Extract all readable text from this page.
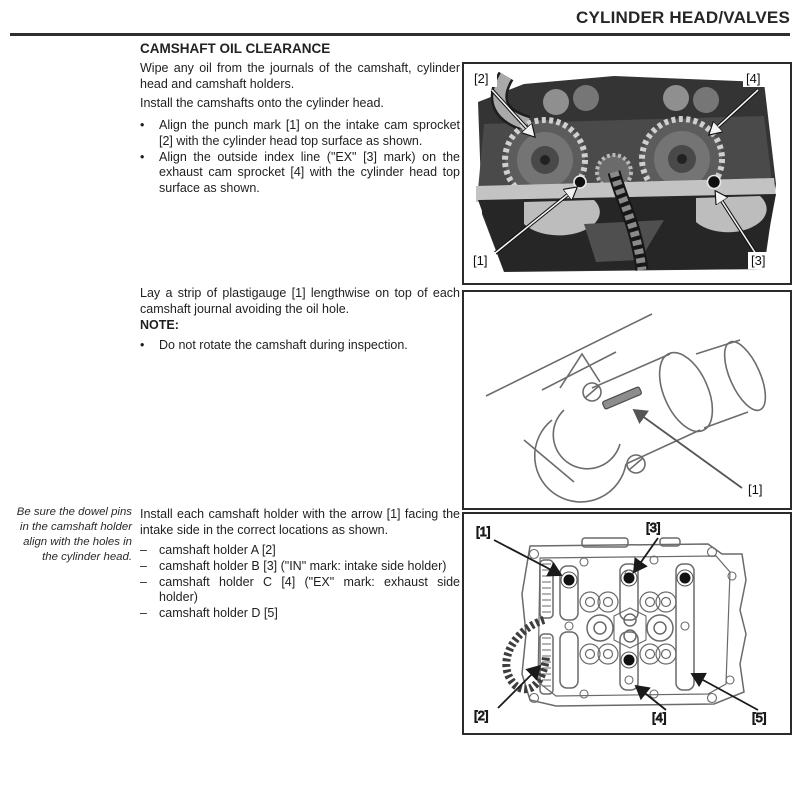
CYLINDER HEAD/VALVES
CAMSHAFT OIL CLEARANCE
Wipe any oil from the journals of the camshaft, cylinder head and camshaft holders.
Install the camshafts onto the cylinder head.
•	Align the punch mark [1] on the intake cam sprocket [2] with the cylinder head top surface as shown.
•	Align the outside index line ("EX" [3] mark) on the exhaust cam sprocket [4] with the cylinder head top surface as shown.
Lay a strip of plastigauge [1] lengthwise on top of each camshaft journal avoiding the oil hole.
NOTE:
•	Do not rotate the camshaft during inspection.
Be sure the dowel pins in the camshaft holder align with the holes in the cylinder head.
Install each camshaft holder with the arrow [1] facing the intake side in the correct locations as shown.
– camshaft holder A [2]
– camshaft holder B [3] ("IN" mark: intake side holder)
– camshaft holder C [4] ("EX" mark: exhaust side holder)
– camshaft holder D [5]
[2]	[4]
[1]	[3]
[1]
[1]	[3]
[2]	[4]	[5]
